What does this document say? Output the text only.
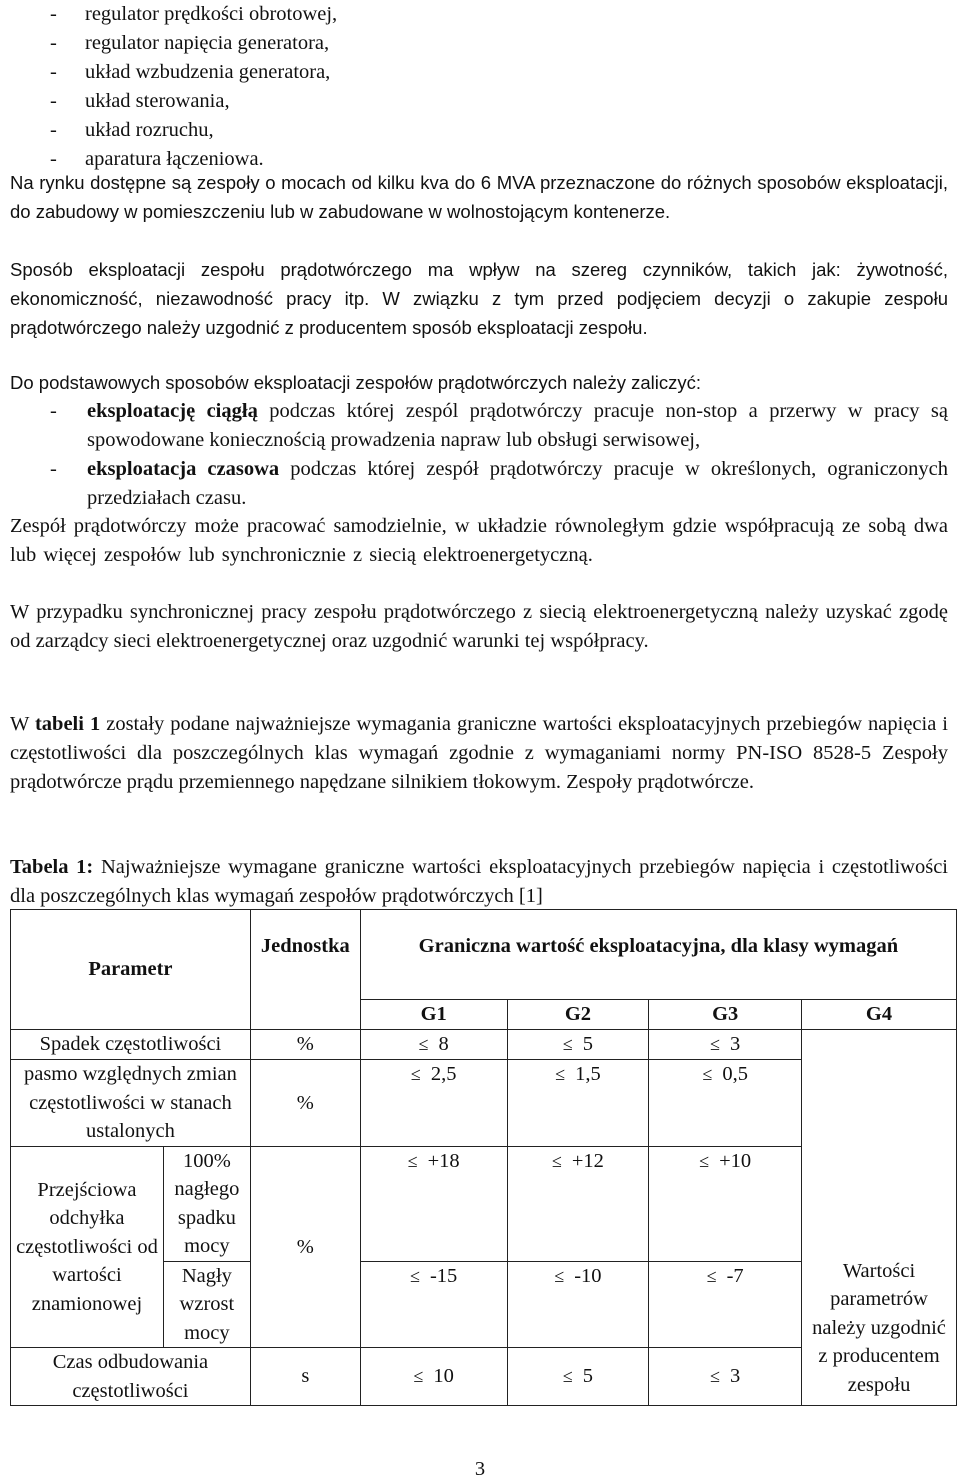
- regulator prędkości obrotowej,
- regulator napięcia generatora,
- układ wzbudzenia generatora,
- układ sterowania,
- układ rozruchu,
- aparatura łączeniowa.
Na rynku dostępne są zespoły o mocach od kilku kva do 6 MVA przeznaczone do różnych sposobów eksploatacji, do zabudowy w pomieszczeniu lub w zabudowane w wolnostojącym kontenerze.
Sposób eksploatacji zespołu prądotwórczego ma wpływ na szereg czynników, takich jak: żywotność, ekonomiczność, niezawodność pracy itp. W związku z tym przed podjęciem decyzji o zakupie zespołu prądotwórczego należy uzgodnić z producentem sposób eksploatacji zespołu.
Do podstawowych sposobów eksploatacji zespołów prądotwórczych należy zaliczyć:
- eksploatację ciągłą podczas której zespól prądotwórczy pracuje non-stop a przerwy w pracy są spowodowane koniecznością prowadzenia napraw lub obsługi serwisowej,
- eksploatacja czasowa podczas której zespół prądotwórczy pracuje w określonych, ograniczonych przedziałach czasu.
Zespół prądotwórczy może pracować samodzielnie, w układzie równoległym gdzie współpracują ze sobą dwa lub więcej zespołów lub synchronicznie z siecią elektroenergetyczną.
W przypadku synchronicznej pracy zespołu prądotwórczego z siecią elektroenergetyczną należy uzyskać zgodę od zarządcy sieci elektroenergetycznej oraz uzgodnić warunki tej współpracy.
W tabeli 1 zostały podane najważniejsze wymagania graniczne wartości eksploatacyjnych przebiegów napięcia i częstotliwości dla poszczególnych klas wymagań zgodnie z wymaganiami normy PN-ISO 8528-5 Zespoły prądotwórcze prądu przemiennego napędzane silnikiem tłokowym. Zespoły prądotwórcze.
Tabela 1: Najważniejsze wymagane graniczne wartości eksploatacyjnych przebiegów napięcia i częstotliwości dla poszczególnych klas wymagań zespołów prądotwórczych [1]
Parametr		Jednostka	Graniczna wartość eksploatacyjna, dla klasy wymagań			
			G1	G2	G3	G4
Spadek częstotliwości		%	≤ 8	≤ 5	≤ 3	Wartości parametrów należy uzgodnić z producentem zespołu
pasmo względnych zmian częstotliwości w stanach ustalonych		%	≤ 2,5	≤ 1,5	≤ 0,5
Przejściowa odchyłka częstotliwości od wartości znamionowej	100% nagłego spadku mocy	%	≤ +18	≤ +12	≤ +10
	Nagły wzrost mocy		≤ -15	≤ -10	≤ -7
Czas odbudowania częstotliwości		s	≤ 10	≤ 5	≤ 3
3
